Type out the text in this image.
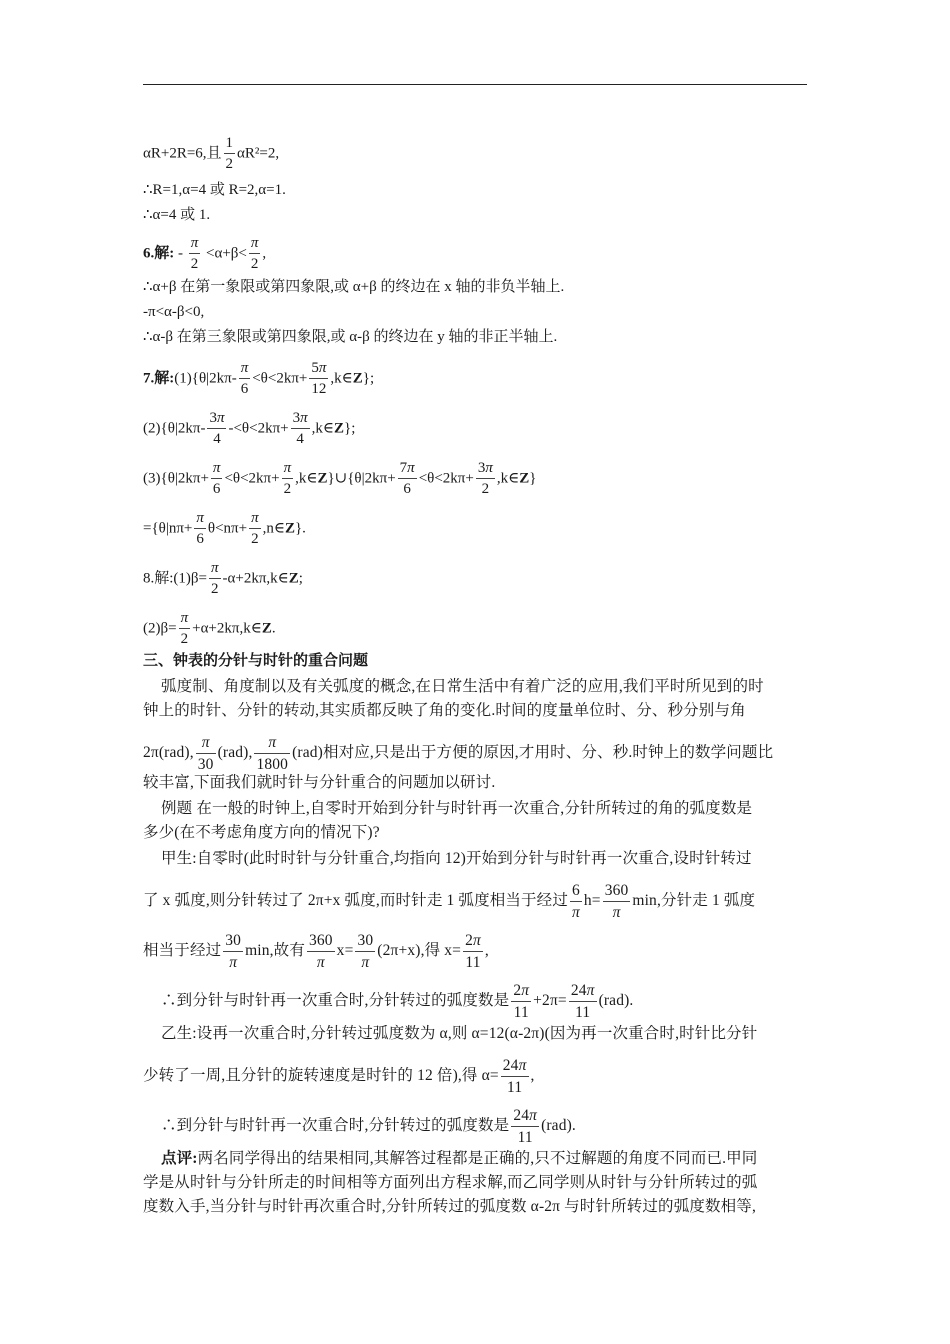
αR+2R=6,且 $\frac{1}{2} \alpha R^2=2$,
∴R=1,α=4 或 R=2,α=1.
∴α=4 或 1.
6.解: - $\frac{\pi}{2} <\alpha+\beta< \frac{\pi}{2}$ ,
∴α+β 在第一象限或第四象限,或 α+β 的终边在 x 轴的非负半轴上.
-π<α-β<0,
∴α-β 在第三象限或第四象限,或 α-β 的终边在 y 轴的非正半轴上.
7.解:(1){θ|2kπ- $\frac{\pi}{6} <\theta<2k\pi+ \frac{5\pi}{12}$ ,k∈Z};
$(2)\{\theta|2k\pi- \frac{3\pi}{4} -<\theta<2k\pi+ \frac{3\pi}{4}$ ,k∈Z};
$(3)\{\theta|2k\pi+ \frac{\pi}{6} <\theta<2k\pi+ \frac{\pi}{2}$ ,k∈Z}∪{θ|2kπ+ $\frac{7\pi}{6} <\theta<2k\pi+ \frac{3\pi}{2}$ ,k∈Z}
$=\{\theta|n\pi+ \frac{\pi}{6} \theta<n\pi+ \frac{\pi}{2}$ ,n∈Z}.
8.解:(1)β= $\frac{\pi}{2}$ -α+2kπ,k∈Z;
$(2)\beta= \frac{\pi}{2}$ +α+2kπ,k∈Z.
三、钟表的分针与时针的重合问题
弧度制、角度制以及有关弧度的概念,在日常生活中有着广泛的应用,我们平时所见到的时
钟上的时针、分针的转动,其实质都反映了角的变化.时间的度量单位时、分、秒分别与角
2π(rad), $\frac{\pi}{30} (rad)$, $\frac{\pi}{1800} (rad)$相对应,只是出于方便的原因,才用时、分、秒.时钟上的数学问题比
较丰富,下面我们就时针与分针重合的问题加以研讨.
例题 在一般的时钟上,自零时开始到分针与时针再一次重合,分针所转过的角的弧度数是
多少(在不考虑角度方向的情况下)?
甲生:自零时(此时时针与分针重合,均指向 12)开始到分针与时针再一次重合,设时针转过
了 x 弧度,则分针转过了 2π+x 弧度,而时针走 1 弧度相当于经过 $\frac{6}{\pi} h= \frac{360}{\pi} \min$,分针走 1 弧度
相当于经过 $\frac{30}{\pi} \min$,故有 $\frac{360}{\pi} x= \frac{30}{\pi} (2\pi+x)$,得 $x= \frac{2\pi}{11}$ ,
∴到分针与时针再一次重合时,分针转过的弧度数是 $\frac{2\pi}{11} +2\pi= \frac{24\pi}{11} (rad)$.
乙生:设再一次重合时,分针转过弧度数为 α,则 α=12(α-2π)(因为再一次重合时,时针比分针
少转了一周,且分针的旋转速度是时针的 12 倍),得 $\alpha= \frac{24\pi}{11}$ ,
∴到分针与时针再一次重合时,分针转过的弧度数是 $\frac{24\pi}{11} (rad)$.
点评:两名同学得出的结果相同,其解答过程都是正确的,只不过解题的角度不同而已.甲同
学是从时针与分针所走的时间相等方面列出方程求解,而乙同学则从时针与分针所转过的弧
度数入手,当分针与时针再次重合时,分针所转过的弧度数 α-2π 与时针所转过的弧度数相等,
